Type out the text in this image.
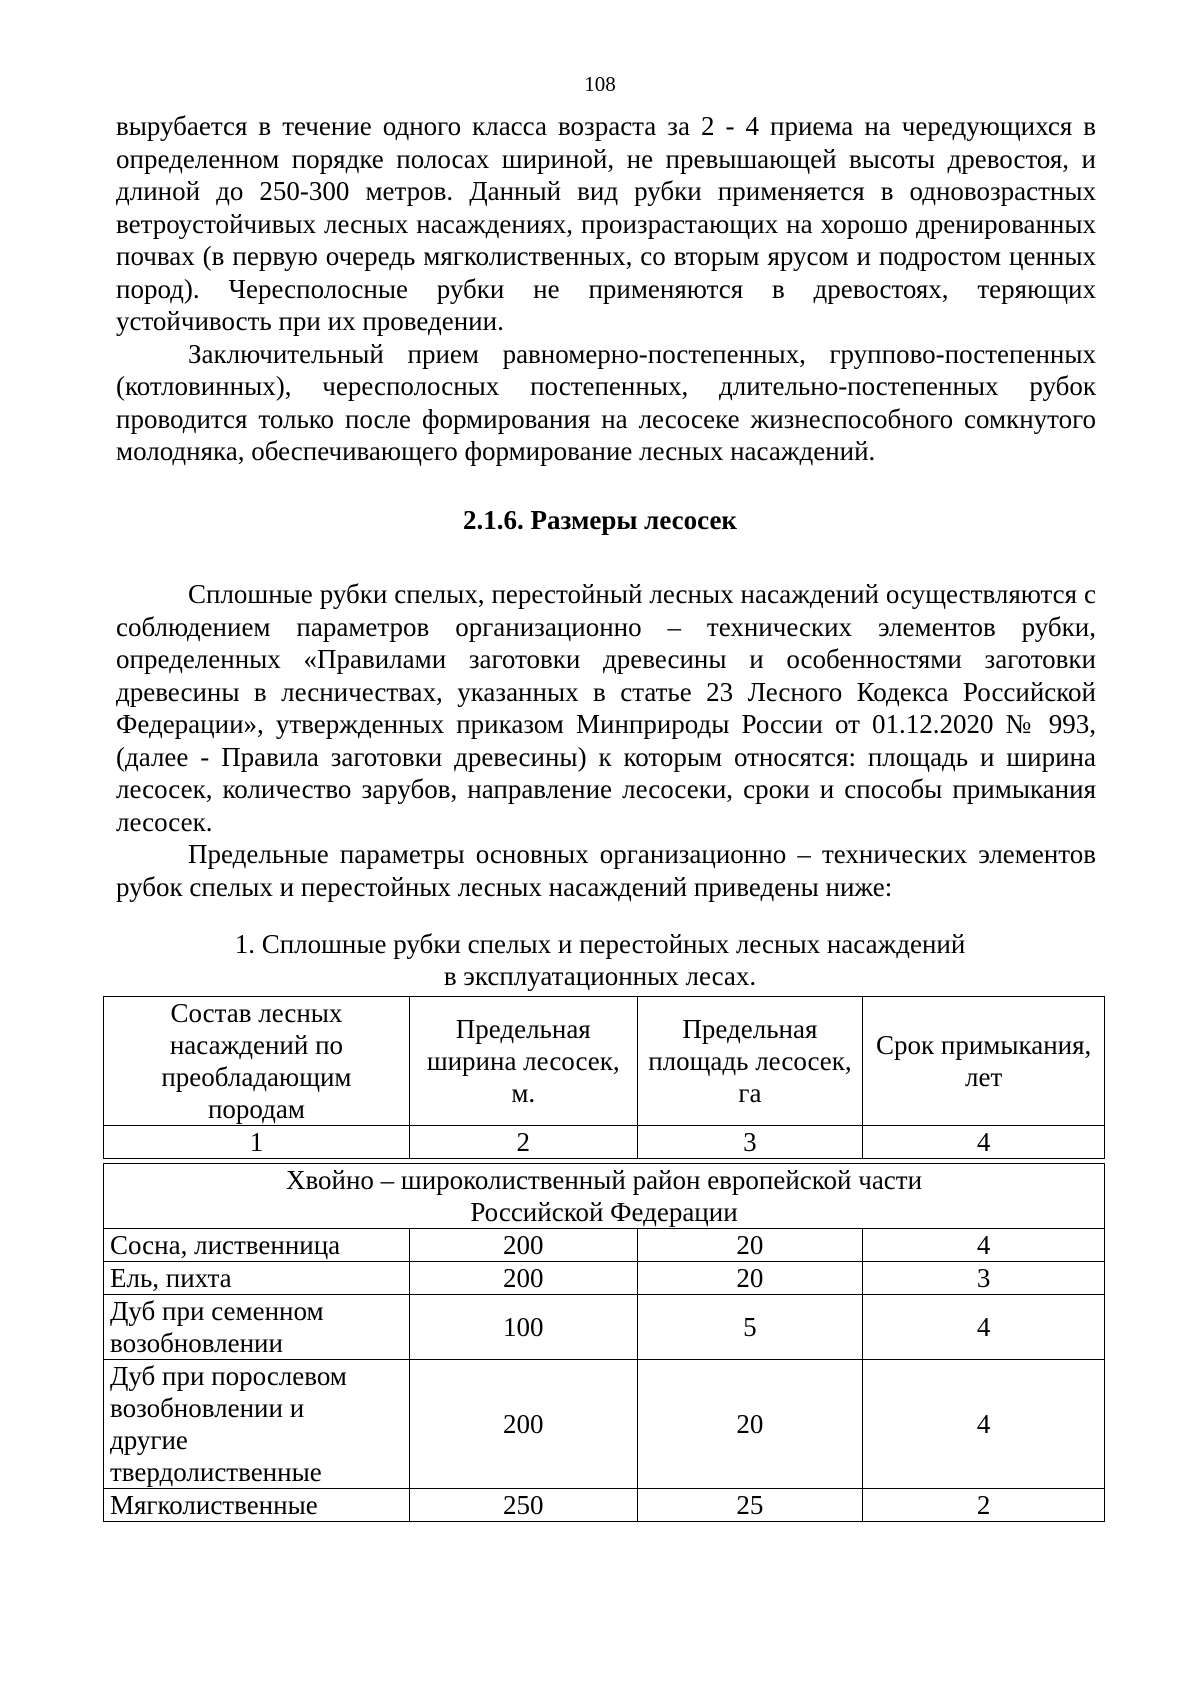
108

вырубается в течение одного класса возраста за 2 - 4 приема на чередующихся в определенном порядке полосах шириной, не превышающей высоты древостоя, и длиной до 250-300 метров. Данный вид рубки применяется в одновозрастных ветроустойчивых лесных насаждениях, произрастающих на хорошо дренированных почвах (в первую очередь мягколиственных, со вторым ярусом и подростом ценных пород). Чересполосные рубки не применяются в древостоях, теряющих устойчивость при их проведении.

Заключительный прием равномерно-постепенных, группово-постепенных (котловинных), чересполосных постепенных, длительно-постепенных рубок проводится только после формирования на лесосеке жизнеспособного сомкнутого молодняка, обеспечивающего формирование лесных насаждений.

2.1.6. Размеры лесосек

Сплошные рубки спелых, перестойный лесных насаждений осуществляются с соблюдением параметров организационно – технических элементов рубки, определенных «Правилами заготовки древесины и особенностями заготовки древесины в лесничествах, указанных в статье 23 Лесного Кодекса Российской Федерации», утвержденных приказом Минприроды России от 01.12.2020 № 993, (далее - Правила заготовки древесины) к которым относятся: площадь и ширина лесосек, количество зарубов, направление лесосеки, сроки и способы примыкания лесосек.

Предельные параметры основных организационно – технических элементов рубок спелых и перестойных лесных насаждений приведены ниже:

1. Сплошные рубки спелых и перестойных лесных насаждений
в эксплуатационных лесах.
Состав лесных насаждений по преобладающим породам	Предельная ширина лесосек, м.	Предельная площадь лесосек, га	Срок примыкания, лет
1	2	3	4

Хвойно – широколиственный район европейской части Российской Федерации			
Сосна, лиственница	200	20	4
Ель, пихта	200	20	3
Дуб при семенном возобновлении	100	5	4
Дуб при порослевом возобновлении и другие твердолиственные	200	20	4
Мягколиственные	250	25	2
